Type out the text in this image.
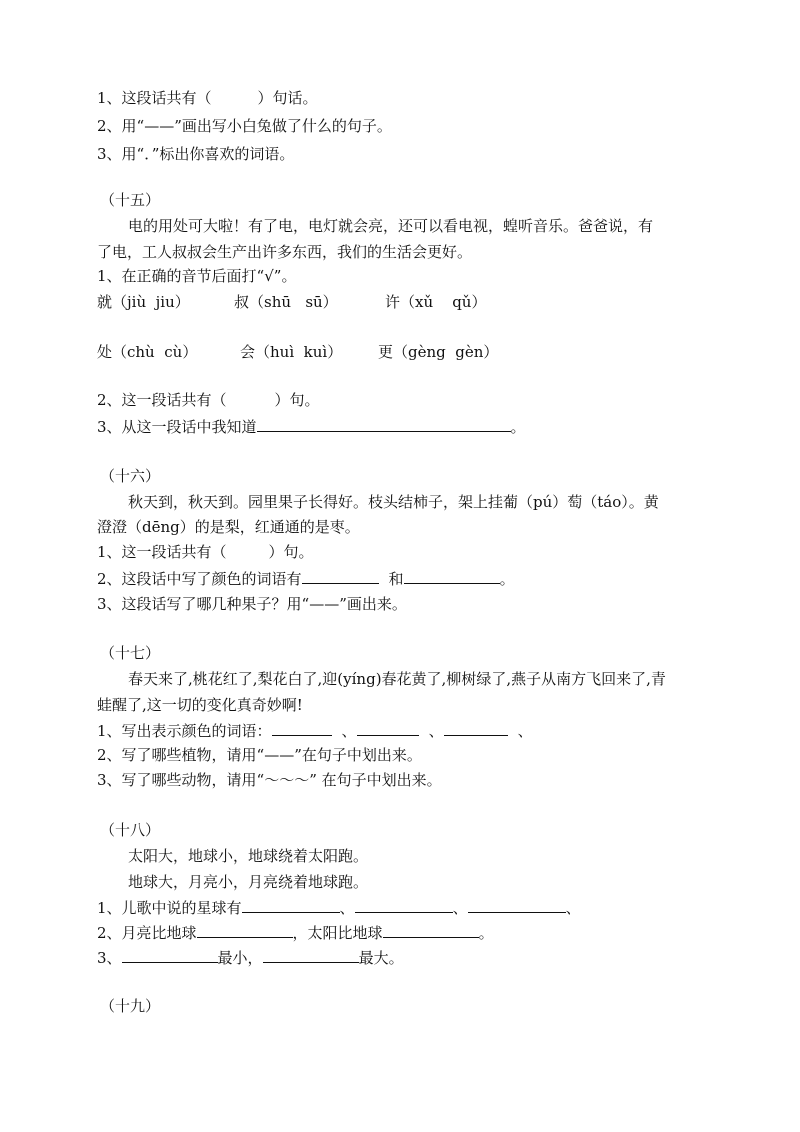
1、这段话共有（	）句话。
2、用“——”画出写小白兔做了什么的句子。
3、用“．”标出你喜欢的词语。
（十五）
电的用处可大啦！有了电，电灯就会亮，还可以看电视，蝗听音乐。爸爸说，有
了电，工人叔叔会生产出许多东西，我们的生活会更好。
1、在正确的音节后面打“√”。
就（jiù  jiu）	叔（shū   sū）	许（xǔ    qǔ）
处（chù  cù）	会（huì  kuì） 更（gèng  gèn）
2、这一段话共有（	）句。
3、从这一段话中我知道	。
（十六）
秋天到，秋天到。园里果子长得好。枝头结柿子，架上挂葡（pú）萄（táo）。黄
澄澄（dēng）的是梨，红通通的是枣。
1、这一段话共有（	）句。
2、这段话中写了颜色的词语有	和	。
3、这段话写了哪几种果子？用“——”画出来。
（十七）
春天来了,桃花红了,梨花白了,迎(yíng)春花黄了,柳树绿了,燕子从南方飞回来了,青
蛙醒了,这一切的变化真奇妙啊!
1、写出表示颜色的词语：	、	、	、
2、写了哪些植物，请用“——”在句子中划出来。
3、写了哪些动物，请用“～～～” 在句子中划出来。
（十八）
太阳大，地球小，地球绕着太阳跑。
地球大，月亮小，月亮绕着地球跑。
1、儿歌中说的星球有	、	、	、
2、月亮比地球	，太阳比地球	。
3、	最小，	最大。
（十九）
